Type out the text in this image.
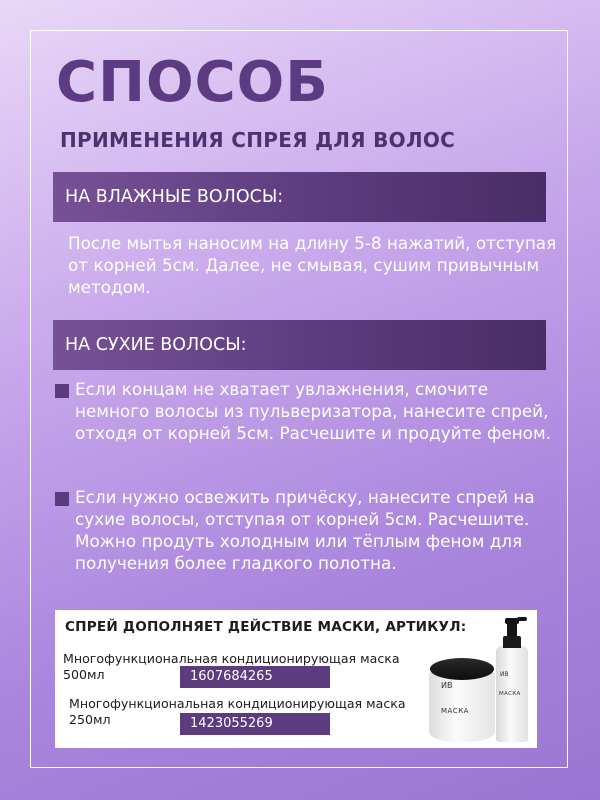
СПОСОБ
ПРИМЕНЕНИЯ СПРЕЯ ДЛЯ ВОЛОС
НА ВЛАЖНЫЕ ВОЛОСЫ:

После мытья наносим на длину 5-8 нажатий, отступая от корней 5см. Далее, не смывая, сушим привычным методом.

НА СУХИЕ ВОЛОСЫ:

Если концам не хватает увлажнения, смочите немного волосы из пульверизатора, нанесите спрей, отходя от корней 5см. Расчешите и продуйте феном.

Если нужно освежить причёску, нанесите спрей на сухие волосы, отступая от корней 5см. Расчешите. Можно продуть холодным или тёплым феном для получения более гладкого полотна.

СПРЕЙ ДОПОЛНЯЕТ ДЕЙСТВИЕ МАСКИ, АРТИКУЛ:

Многофункциональная кондиционирующая маска 500мл	1607684265

Многофункциональная кондиционирующая маска 250мл	1423055269
ИВ
МАСКА
ИВ
МАСКА
